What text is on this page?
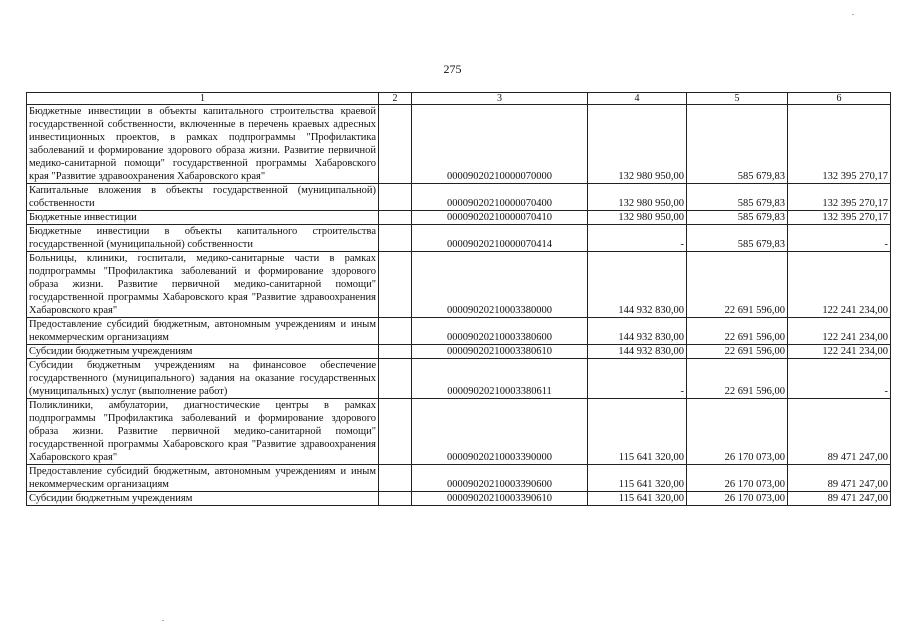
275
1	2	3	4	5	6
Бюджетные инвестиции в объекты капитального строительства краевой государственной собственности, включенные в перечень краевых адресных инвестиционных проектов, в рамках подпрограммы "Профилактика заболеваний и формирование здорового образа жизни. Развитие первичной медико-санитарной помощи" государственной программы Хабаровского края "Развитие здравоохранения Хабаровского края"		00009020210000070000	132 980 950,00	585 679,83	132 395 270,17
Капитальные вложения в объекты государственной (муниципальной) собственности		00009020210000070400	132 980 950,00	585 679,83	132 395 270,17
Бюджетные инвестиции		00009020210000070410	132 980 950,00	585 679,83	132 395 270,17
Бюджетные инвестиции в объекты капитального строительства государственной (муниципальной) собственности		00009020210000070414	-	585 679,83	-
Больницы, клиники, госпитали, медико-санитарные части в рамках подпрограммы "Профилактика заболеваний и формирование здорового образа жизни. Развитие первичной медико-санитарной помощи" государственной программы Хабаровского края "Развитие здравоохранения Хабаровского края"		00009020210003380000	144 932 830,00	22 691 596,00	122 241 234,00
Предоставление субсидий бюджетным, автономным учреждениям и иным некоммерческим организациям		00009020210003380600	144 932 830,00	22 691 596,00	122 241 234,00
Субсидии бюджетным учреждениям		00009020210003380610	144 932 830,00	22 691 596,00	122 241 234,00
Субсидии бюджетным учреждениям на финансовое обеспечение государственного (муниципального) задания на оказание государственных (муниципальных) услуг (выполнение работ)		00009020210003380611	-	22 691 596,00	-
Поликлиники, амбулатории, диагностические центры в рамках подпрограммы "Профилактика заболеваний и формирование здорового образа жизни. Развитие первичной медико-санитарной помощи" государственной программы Хабаровского края "Развитие здравоохранения Хабаровского края"		00009020210003390000	115 641 320,00	26 170 073,00	89 471 247,00
Предоставление субсидий бюджетным, автономным учреждениям и иным некоммерческим организациям		00009020210003390600	115 641 320,00	26 170 073,00	89 471 247,00
Субсидии бюджетным учреждениям		00009020210003390610	115 641 320,00	26 170 073,00	89 471 247,00
